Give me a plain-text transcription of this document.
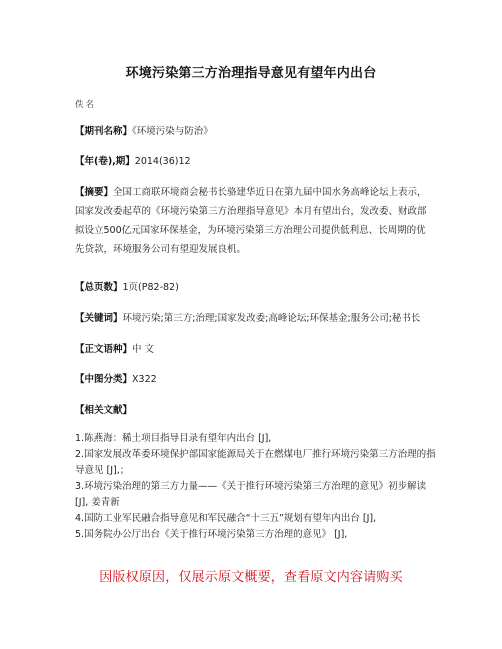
环境污染第三方治理指导意见有望年内出台
佚名
【期刊名称】《环境污染与防治》
【年(卷),期】2014(36)12
【摘要】全国工商联环境商会秘书长骆建华近日在第九届中国水务高峰论坛上表示，国家发改委起草的《环境污染第三方治理指导意见》本月有望出台，发改委、财政部拟设立500亿元国家环保基金，为环境污染第三方治理公司提供低利息、长周期的优先贷款，环境服务公司有望迎发展良机。
【总页数】1页(P82-82)
【关键词】环境污染;第三方;治理;国家发改委;高峰论坛;环保基金;服务公司;秘书长
【正文语种】中 文
【中图分类】X322
【相关文献】

1.陈燕海：稀土项目指导目录有望年内出台 [J],

2.国家发展改革委环境保护部国家能源局关于在燃煤电厂推行环境污染第三方治理的指导意见 [J],；

3.环境污染治理的第三方力量——《关于推行环境污染第三方治理的意见》初步解读 [J], 姜青新

4.国防工业军民融合指导意见和军民融合“十三五”规划有望年内出台 [J],

5.国务院办公厅出台《关于推行环境污染第三方治理的意见》 [J],

因版权原因，仅展示原文概要，查看原文内容请购买
